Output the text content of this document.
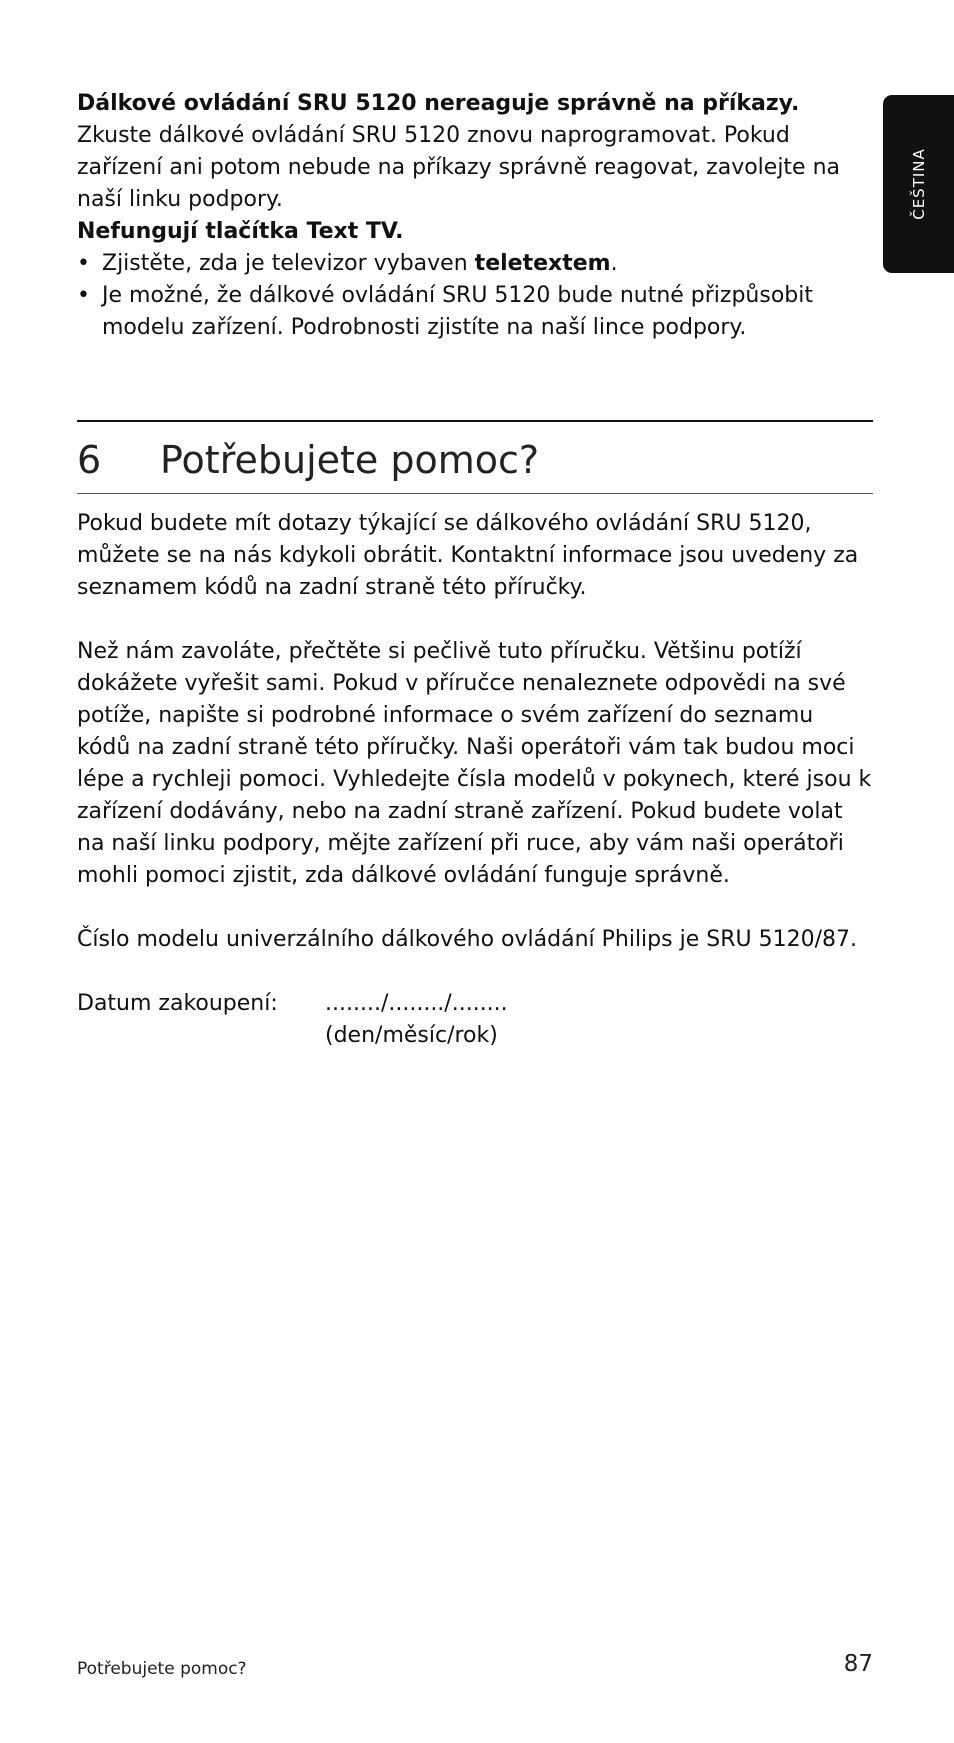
ČEŠTINA

Dálkové ovládání SRU 5120 nereaguje správně na příkazy.

Zkuste dálkové ovládání SRU 5120 znovu naprogramovat. Pokud zařízení ani potom nebude na příkazy správně reagovat, zavolejte na naší linku podpory.

Nefungují tlačítka Text TV.

• Zjistěte, zda je televizor vybaven teletextem.
• Je možné, že dálkové ovládání SRU 5120 bude nutné přizpůsobit modelu zařízení. Podrobnosti zjistíte na naší lince podpory.
6 Potřebujete pomoc?

Pokud budete mít dotazy týkající se dálkového ovládání SRU 5120, můžete se na nás kdykoli obrátit. Kontaktní informace jsou uvedeny za seznamem kódů na zadní straně této příručky.

Než nám zavoláte, přečtěte si pečlivě tuto příručku. Většinu potíží dokážete vyřešit sami. Pokud v příručce nenaleznete odpovědi na své potíže, napište si podrobné informace o svém zařízení do seznamu kódů na zadní straně této příručky. Naši operátoři vám tak budou moci lépe a rychleji pomoci. Vyhledejte čísla modelů v pokynech, které jsou k zařízení dodávány, nebo na zadní straně zařízení. Pokud budete volat na naší linku podpory, mějte zařízení při ruce, aby vám naši operátoři mohli pomoci zjistit, zda dálkové ovládání funguje správně.

Číslo modelu univerzálního dálkového ovládání Philips je SRU 5120/87.

Datum zakoupení: ......../......../........
(den/měsíc/rok)
Potřebujete pomoc?	87
